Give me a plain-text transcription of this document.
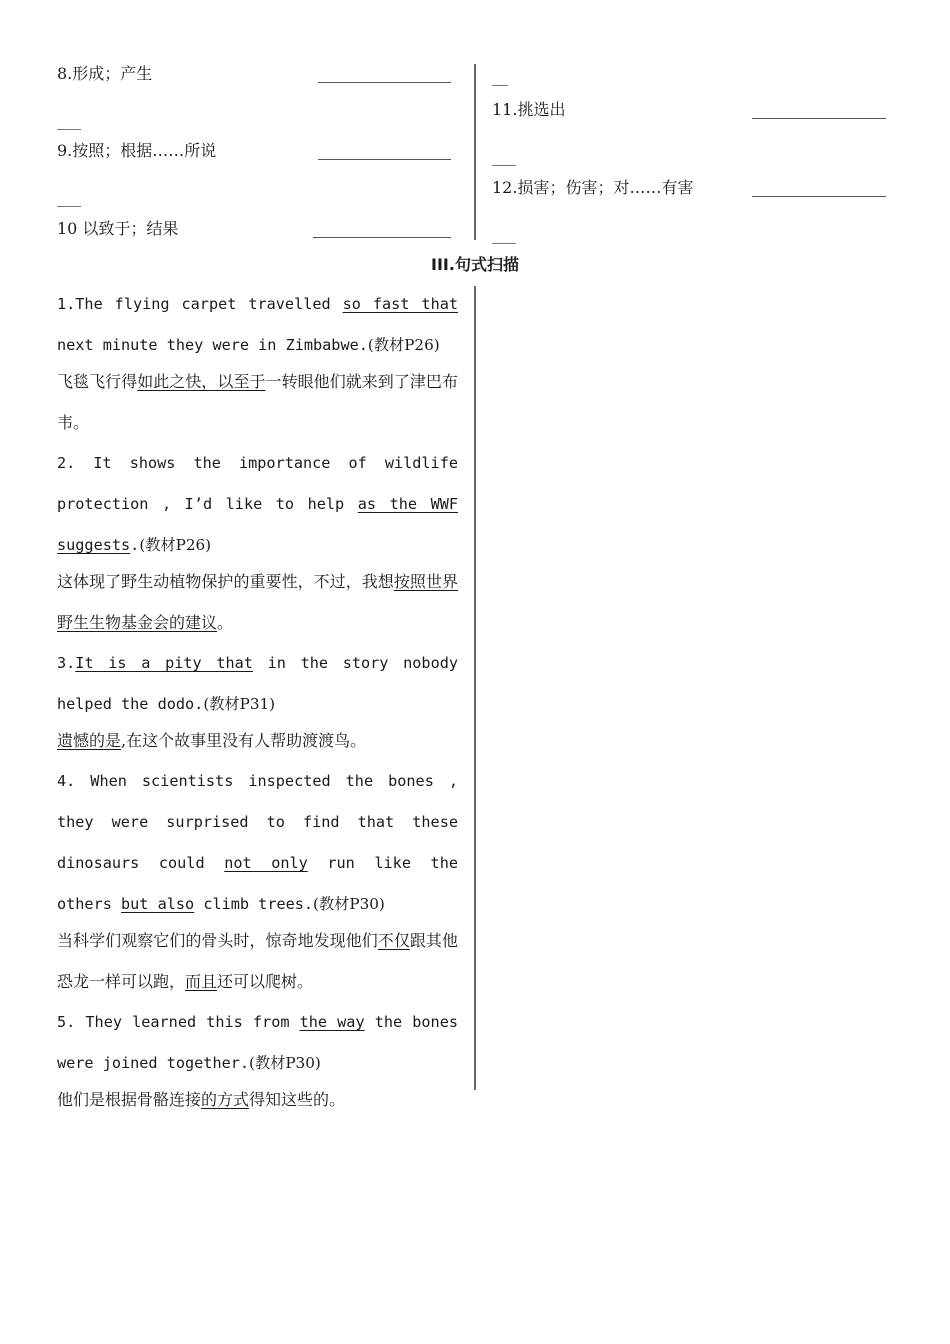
8.形成；产生
___
9.按照；根据……所说
___
10 以致于；结果
__
11.挑选出
___
12.损害；伤害；对……有害
___
III.句式扫描

1.The flying carpet travelled so fast that next minute they were in Zimbabwe.(教材P26)

飞毯飞行得如此之快，以至于一转眼他们就来到了津巴布韦。

2. It shows the importance of wildlife protection , I’d like to help as the WWF suggests.(教材P26)

这体现了野生动植物保护的重要性，不过，我想按照世界野生生物基金会的建议。

3.It is a pity that in the story nobody helped the dodo.(教材P31)

遗憾的是,在这个故事里没有人帮助渡渡鸟。

4. When scientists inspected the bones , they were surprised to find that these dinosaurs could not only run like the others but also climb trees.(教材P30)

当科学们观察它们的骨头时，惊奇地发现他们不仅跟其他恐龙一样可以跑，而且还可以爬树。

5. They learned this from the way the bones were joined together.(教材P30)

他们是根据骨骼连接的方式得知这些的。
